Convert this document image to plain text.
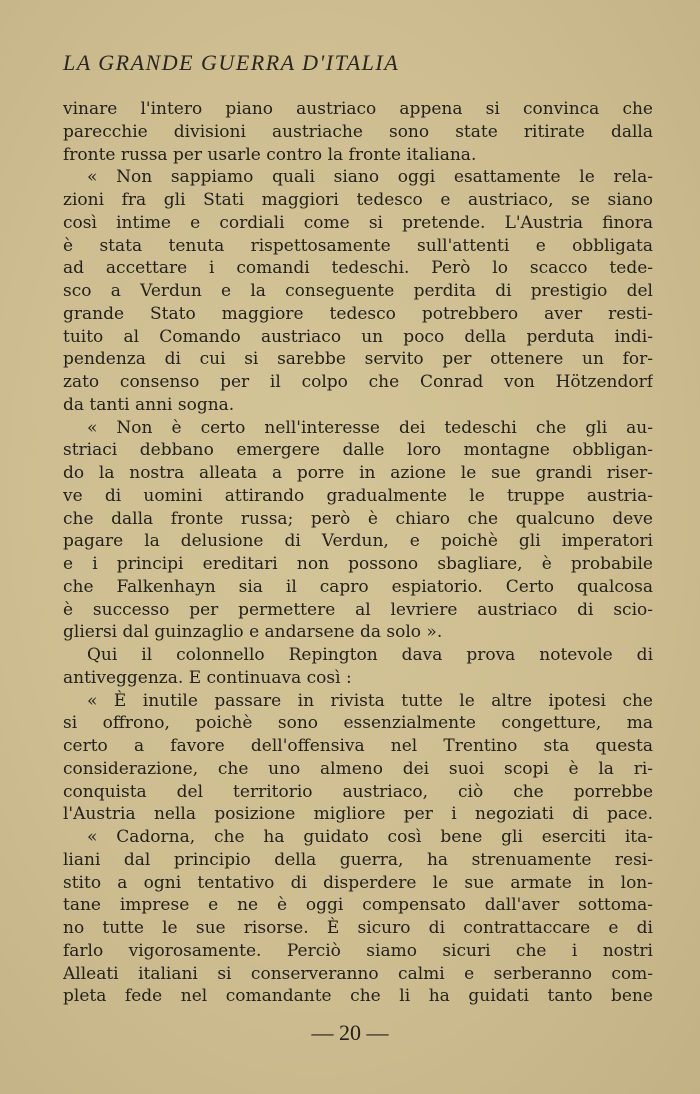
LA GRANDE GUERRA D'ITALIA
vinare l'intero piano austriaco appena si convinca che
parecchie divisioni austriache sono state ritirate dalla
fronte russa per usarle contro la fronte italiana.
« Non sappiamo quali siano oggi esattamente le rela-
zioni fra gli Stati maggiori tedesco e austriaco, se siano
così intime e cordiali come si pretende. L'Austria finora
è stata tenuta rispettosamente sull'attenti e obbligata
ad accettare i comandi tedeschi. Però lo scacco tede-
sco a Verdun e la conseguente perdita di prestigio del
grande Stato maggiore tedesco potrebbero aver resti-
tuito al Comando austriaco un poco della perduta indi-
pendenza di cui si sarebbe servito per ottenere un for-
zato consenso per il colpo che Conrad von Hötzendorf
da tanti anni sogna.
« Non è certo nell'interesse dei tedeschi che gli au-
striaci debbano emergere dalle loro montagne obbligan-
do la nostra alleata a porre in azione le sue grandi riser-
ve di uomini attirando gradualmente le truppe austria-
che dalla fronte russa; però è chiaro che qualcuno deve
pagare la delusione di Verdun, e poichè gli imperatori
e i principi ereditari non possono sbagliare, è probabile
che Falkenhayn sia il capro espiatorio. Certo qualcosa
è successo per permettere al levriere austriaco di scio-
gliersi dal guinzaglio e andarsene da solo ».
Qui il colonnello Repington dava prova notevole di
antiveggenza. E continuava così :
« È inutile passare in rivista tutte le altre ipotesi che
si offrono, poichè sono essenzialmente congetture, ma
certo a favore dell'offensiva nel Trentino sta questa
considerazione, che uno almeno dei suoi scopi è la ri-
conquista del territorio austriaco, ciò che porrebbe
l'Austria nella posizione migliore per i negoziati di pace.
« Cadorna, che ha guidato così bene gli eserciti ita-
liani dal principio della guerra, ha strenuamente resi-
stito a ogni tentativo di disperdere le sue armate in lon-
tane imprese e ne è oggi compensato dall'aver sottoma-
no tutte le sue risorse. È sicuro di contrattaccare e di
farlo vigorosamente. Perciò siamo sicuri che i nostri
Alleati italiani si conserveranno calmi e serberanno com-
pleta fede nel comandante che li ha guidati tanto bene
— 20 —
